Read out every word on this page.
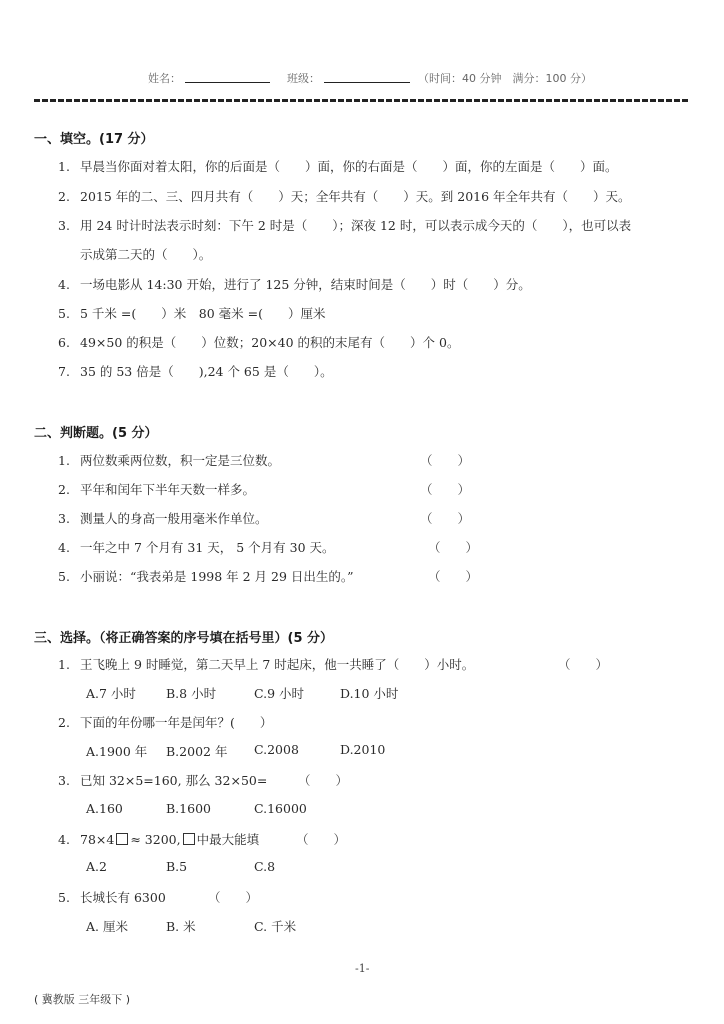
姓名：	班级：	（时间：40 分钟　满分：100 分）
一、填空。(17 分）
1. 早晨当你面对着太阳，你的后面是（　　）面，你的右面是（　　）面，你的左面是（　　）面。
2. 2015 年的二、三、四月共有（　　）天；全年共有（　　）天。到 2016 年全年共有（　　）天。
3. 用 24 时计时法表示时刻：下午 2 时是（　　）；深夜 12 时，可以表示成今天的（　　），也可以表
示成第二天的（　　）。
4. 一场电影从 14:30 开始，进行了 125 分钟，结束时间是（　　）时（　　）分。
5. 5 千米 =(　　）米　80 毫米 =(　　）厘米
6. 49×50 的积是（　　）位数；20×40 的积的末尾有（　　）个 0。
7. 35 的 53 倍是（　　),24 个 65 是（　　）。
二、判断题。(5 分）
1. 两位数乘两位数，积一定是三位数。	（　　）
2. 平年和闰年下半年天数一样多。	（　　）
3. 测量人的身高一般用毫米作单位。	（　　）
4. 一年之中 7 个月有 31 天， 5 个月有 30 天。	（　　）
5. 小丽说：“我表弟是 1998 年 2 月 29 日出生的。”	（　　）
三、选择。（将正确答案的序号填在括号里）(5 分）
1. 王飞晚上 9 时睡觉，第二天早上 7 时起床，他一共睡了（　　）小时。	（　　）
A.7 小时 B.8 小时	C.9 小时	D.10 小时
2. 下面的年份哪一年是闰年？(　　）
A.1900 年 B.2002 年 C.2008	D.2010
3. 已知 32×5=160, 那么 32×50= （　　）
A.160	B.1600	C.16000
4. 78×4 ≈ 3200, 中最大能填	（　　）
A.2	B.5	C.8
5. 长城长有 6300	（　　）
A. 厘米	B. 米	C. 千米
-1-
( 冀教版 三年级下 )
